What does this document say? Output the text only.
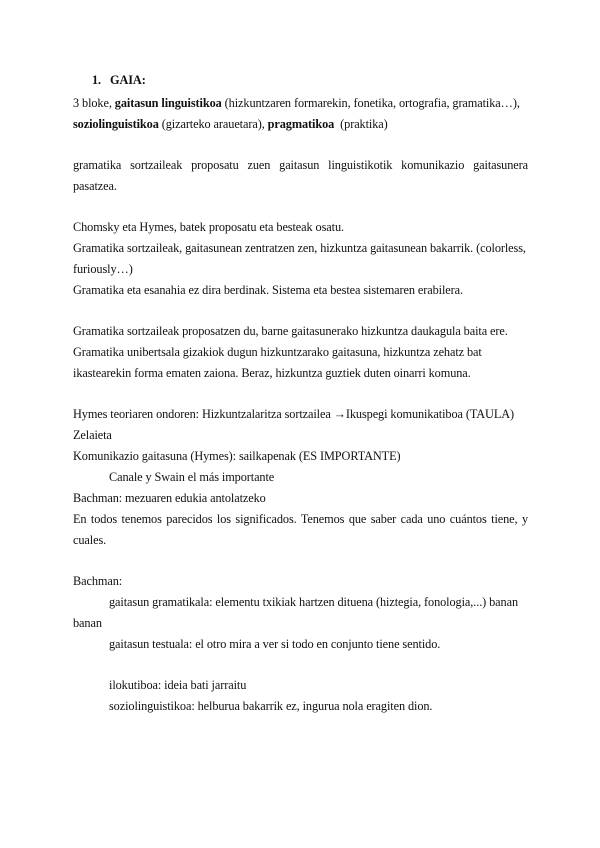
1. GAIA:
3 bloke, gaitasun linguistikoa (hizkuntzaren formarekin, fonetika, ortografia, gramatika…),
soziolinguistikoa (gizarteko arauetara), pragmatikoa  (praktika)
gramatika sortzaileak proposatu zuen gaitasun linguistikotik komunikazio gaitasunera
pasatzea.
Chomsky eta Hymes, batek proposatu eta besteak osatu.
Gramatika sortzaileak, gaitasunean zentratzen zen, hizkuntza gaitasunean bakarrik. (colorless,
furiously…)
Gramatika eta esanahia ez dira berdinak. Sistema eta bestea sistemaren erabilera.
Gramatika sortzaileak proposatzen du, barne gaitasunerako hizkuntza daukagula baita ere.
Gramatika unibertsala gizakiok dugun hizkuntzarako gaitasuna, hizkuntza zehatz bat
ikastearekin forma ematen zaiona. Beraz, hizkuntza guztiek duten oinarri komuna.
Hymes teoriaren ondoren: Hizkuntzalaritza sortzailea →Ikuspegi komunikatiboa (TAULA)
Zelaieta
Komunikazio gaitasuna (Hymes): sailkapenak (ES IMPORTANTE)
Canale y Swain el más importante
Bachman: mezuaren edukia antolatzeko
En todos tenemos parecidos los significados. Tenemos que saber cada uno cuántos tiene, y
cuales.
Bachman:
gaitasun gramatikala: elementu txikiak hartzen dituena (hiztegia, fonologia,...) banan
banan
gaitasun testuala: el otro mira a ver si todo en conjunto tiene sentido.
ilokutiboa: ideia bati jarraitu
soziolinguistikoa: helburua bakarrik ez, ingurua nola eragiten dion.
